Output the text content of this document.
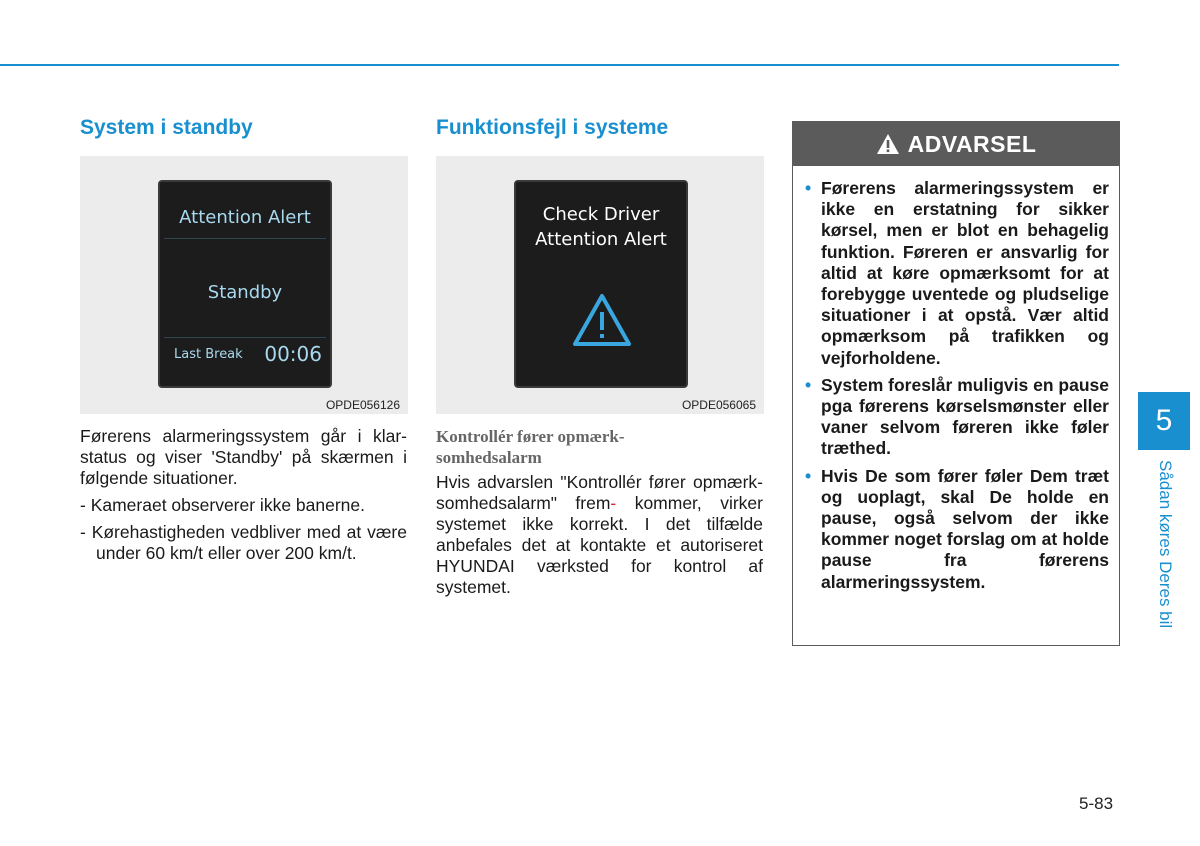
System i standby
Attention Alert
Standby
Last Break 00:06
OPDE056126

Førerens alarmeringssystem går i klar-status og viser 'Standby' på skærmen i følgende situationer.

- Kameraet observerer ikke banerne.

- Kørehastigheden vedbliver med at være under 60 km/t eller over 200 km/t.

Funktionsfejl i systeme
Check Driver
Attention Alert
OPDE056065

Kontrollér fører opmærk-somhedsalarm

Hvis advarslen "Kontrollér fører opmærk- somhedsalarm" frem- kommer, virker systemet ikke korrekt. I det tilfælde anbefales det at kontakte et autoriseret HYUNDAI værksted for kontrol af systemet.

ADVARSEL
• Førerens alarmeringssystem er ikke en erstatning for sikker kørsel, men er blot en behagelig funktion. Føreren er ansvarlig for altid at køre opmærksomt for at forebygge uventede og pludselige situationer i at opstå. Vær altid opmærksom på trafikken og vejforholdene.
• System foreslår muligvis en pause pga førerens kørselsmønster eller vaner selvom føreren ikke føler træthed.
• Hvis De som fører føler Dem træt og uoplagt, skal De holde en pause, også selvom der ikke kommer noget forslag om at holde pause fra førerens alarmeringssystem.
5
Sådan køres Deres bil
5-83
